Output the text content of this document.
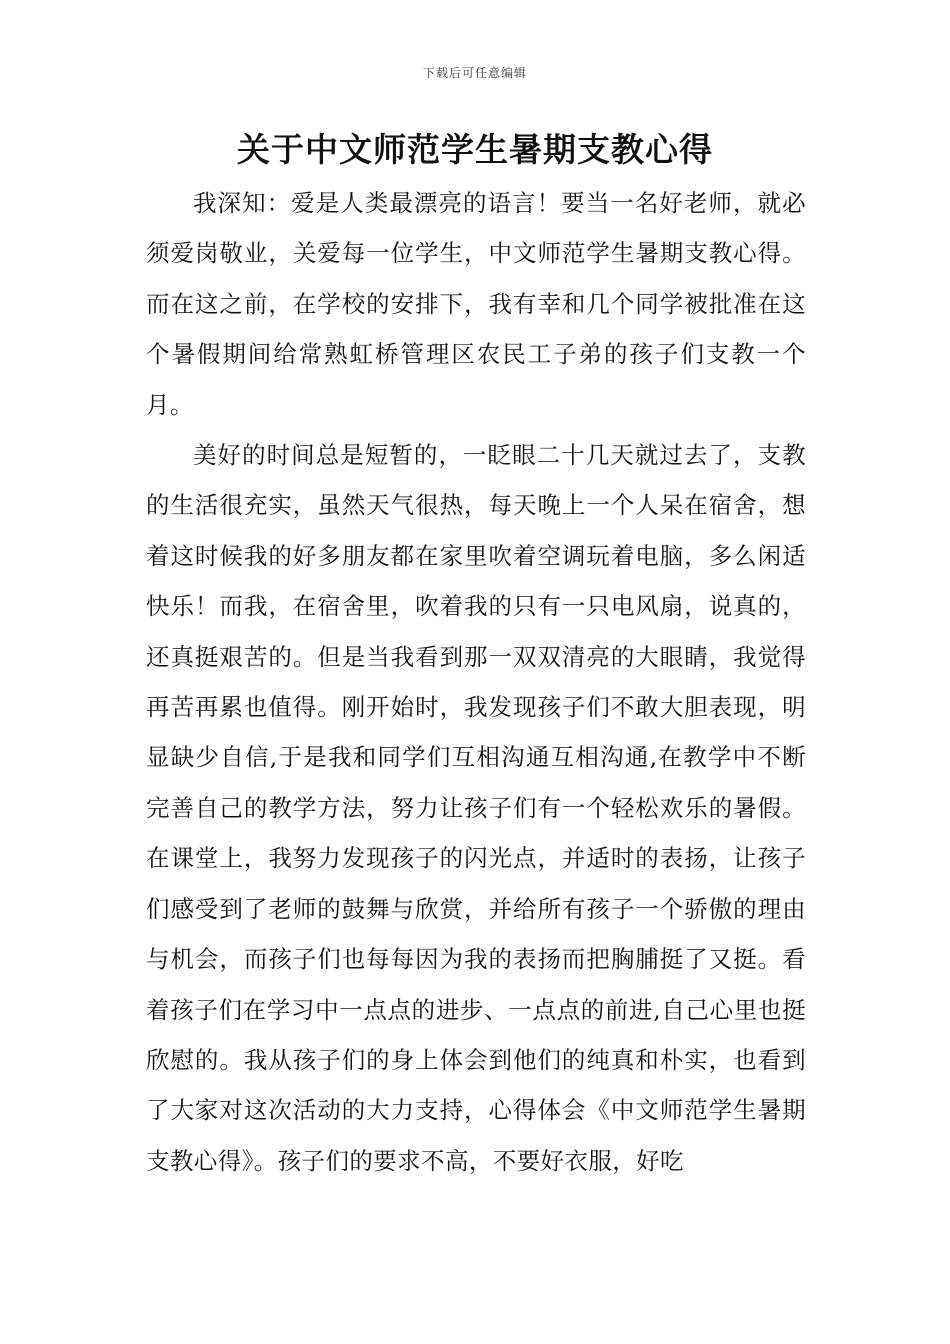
下载后可任意编辑
关于中文师范学生暑期支教心得

我深知：爱是人类最漂亮的语言！要当一名好老师，就必须爱岗敬业，关爱每一位学生，中文师范学生暑期支教心得。而在这之前，在学校的安排下，我有幸和几个同学被批准在这个暑假期间给常熟虹桥管理区农民工子弟的孩子们支教一个月。

美好的时间总是短暂的，一眨眼二十几天就过去了，支教的生活很充实，虽然天气很热，每天晚上一个人呆在宿舍，想着这时候我的好多朋友都在家里吹着空调玩着电脑，多么闲适快乐！而我，在宿舍里，吹着我的只有一只电风扇，说真的，还真挺艰苦的。但是当我看到那一双双清亮的大眼睛，我觉得再苦再累也值得。刚开始时，我发现孩子们不敢大胆表现，明显缺少自信,于是我和同学们互相沟通互相沟通,在教学中不断完善自己的教学方法，努力让孩子们有一个轻松欢乐的暑假。在课堂上，我努力发现孩子的闪光点，并适时的表扬，让孩子们感受到了老师的鼓舞与欣赏，并给所有孩子一个骄傲的理由与机会，而孩子们也每每因为我的表扬而把胸脯挺了又挺。看着孩子们在学习中一点点的进步、一点点的前进,自己心里也挺欣慰的。我从孩子们的身上体会到他们的纯真和朴实，也看到了大家对这次活动的大力支持，心得体会《中文师范学生暑期支教心得》。孩子们的要求不高，不要好衣服，好吃
